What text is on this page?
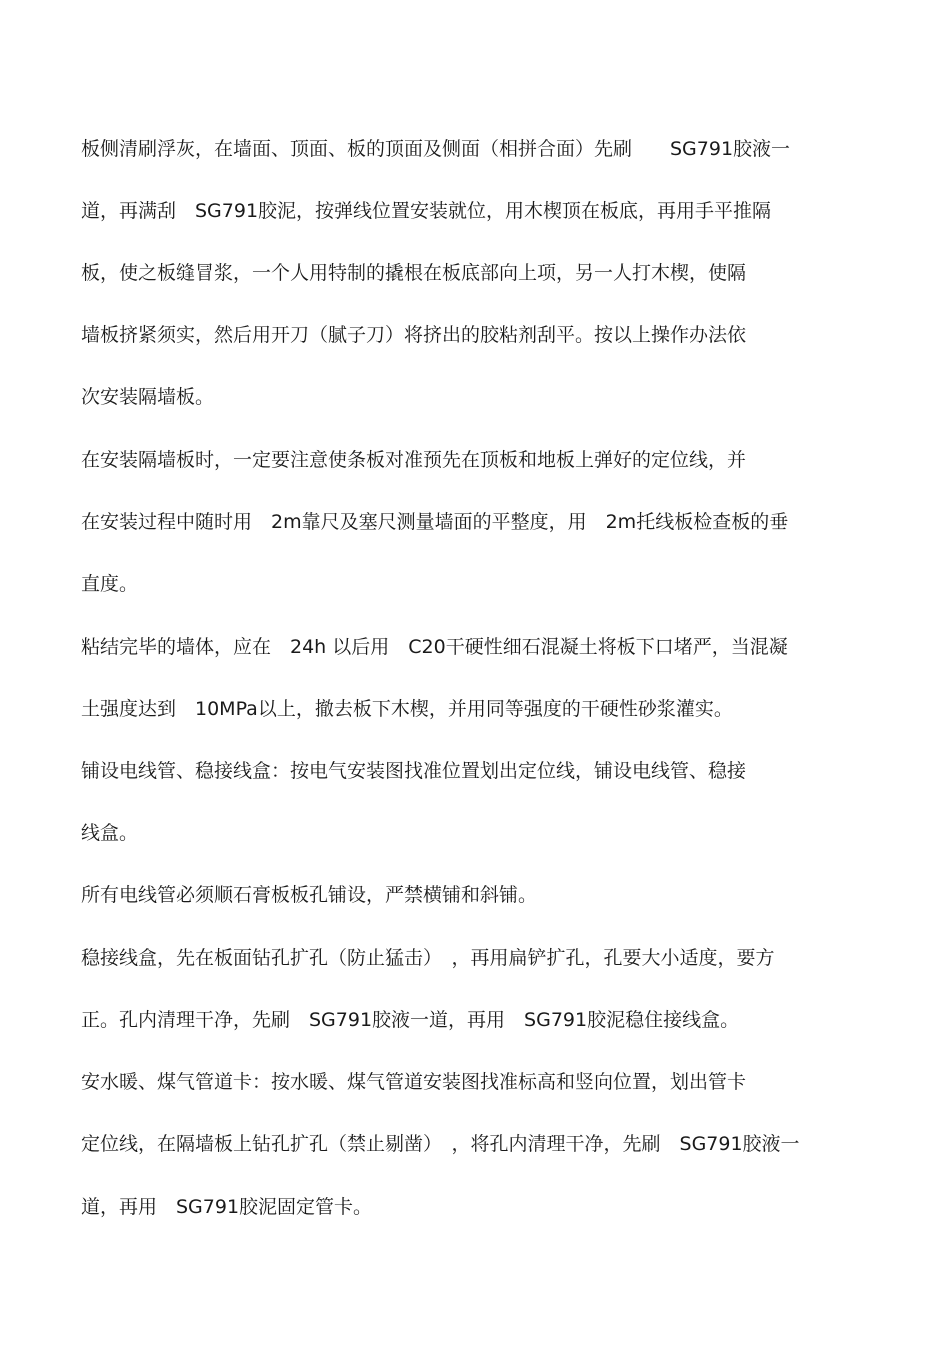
板侧清刷浮灰，在墙面、顶面、板的顶面及侧面（相拼合面）先刷　　SG791胶液一
道，再满刮　SG791胶泥，按弹线位置安装就位，用木楔顶在板底，再用手平推隔
板，使之板缝冒浆，一个人用特制的撬根在板底部向上项，另一人打木楔，使隔
墙板挤紧须实，然后用开刀（腻子刀）将挤出的胶粘剂刮平。按以上操作办法依
次安装隔墙板。
在安装隔墙板时，一定要注意使条板对准预先在顶板和地板上弹好的定位线，并
在安装过程中随时用　2m靠尺及塞尺测量墙面的平整度，用　2m托线板检查板的垂
直度。
粘结完毕的墙体，应在　24h 以后用　C20干硬性细石混凝土将板下口堵严，当混凝
土强度达到　10MPa以上，撤去板下木楔，并用同等强度的干硬性砂浆灌实。
铺设电线管、稳接线盒：按电气安装图找准位置划出定位线，铺设电线管、稳接
线盒。
所有电线管必须顺石膏板板孔铺设，严禁横铺和斜铺。
稳接线盒，先在板面钻孔扩孔（防止猛击）　，再用扁铲扩孔，孔要大小适度，要方
正。孔内清理干净，先刷　SG791胶液一道，再用　SG791胶泥稳住接线盒。
安水暖、煤气管道卡：按水暖、煤气管道安装图找准标高和竖向位置，划出管卡
定位线，在隔墙板上钻孔扩孔（禁止剔凿）　，将孔内清理干净，先刷　SG791胶液一
道，再用　SG791胶泥固定管卡。
